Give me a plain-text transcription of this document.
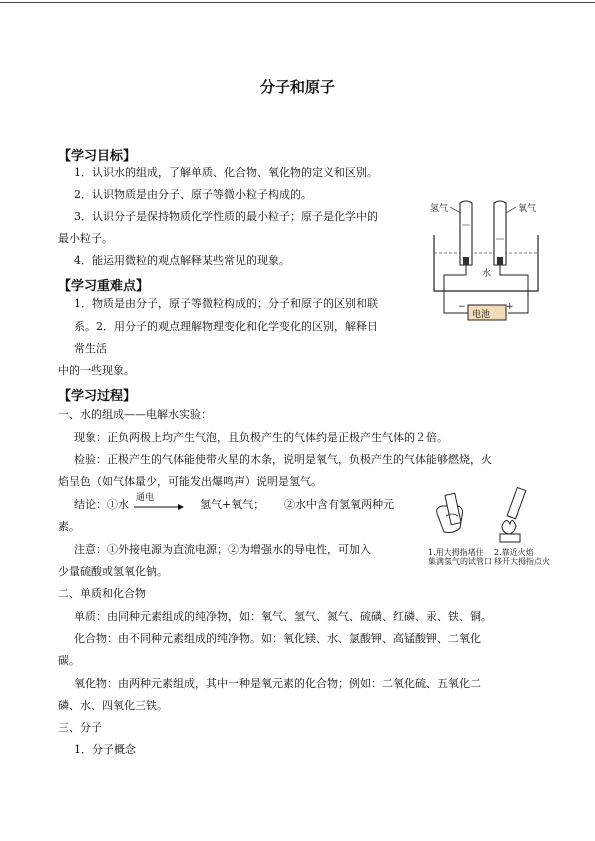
分子和原子
【学习目标】
1．认识水的组成，了解单质、化合物、氧化物的定义和区别。
2．认识物质是由分子、原子等微小粒子构成的。
3．认识分子是保持物质化学性质的最小粒子；原子是化学中的
最小粒子。
4．能运用微粒的观点解释某些常见的现象。
【学习重难点】
1．物质是由分子，原子等微粒构成的；分子和原子的区别和联
系。2．用分子的观点理解物理变化和化学变化的区别，解释日
常生活
中的一些现象。
【学习过程】
一、水的组成——电解水实验：
现象：正负两极上均产生气泡，且负极产生的气体约是正极产生气体的２倍。
检验：正极产生的气体能使带火星的木条，说明是氧气，负极产生的气体能够燃烧，火
焰呈色（如气体量少，可能发出爆鸣声）说明是氢气。
结论：①水 通电 → 氢气+氧气； ②水中含有氢氧两种元
素。
注意：①外接电源为直流电源；②为增强水的导电性，可加入
少量硫酸或氢氧化钠。
二、单质和化合物
单质：由同种元素组成的纯净物，如：氧气、氢气、氮气、硫磺、红磷、汞、铁、铜。
化合物：由不同种元素组成的纯净物。如：氧化镁、水、氯酸钾、高锰酸钾、二氧化
碳。
氧化物：由两种元素组成，其中一种是氧元素的化合物；例如：二氧化硫、五氧化二
磷、水、四氧化三铁。
三、分子
1．分子概念
氢气	氧气
水
电池
−	+
1.用大拇指堵住
集满氢气的试管口
2.靠近火焰
移开大拇指点火
